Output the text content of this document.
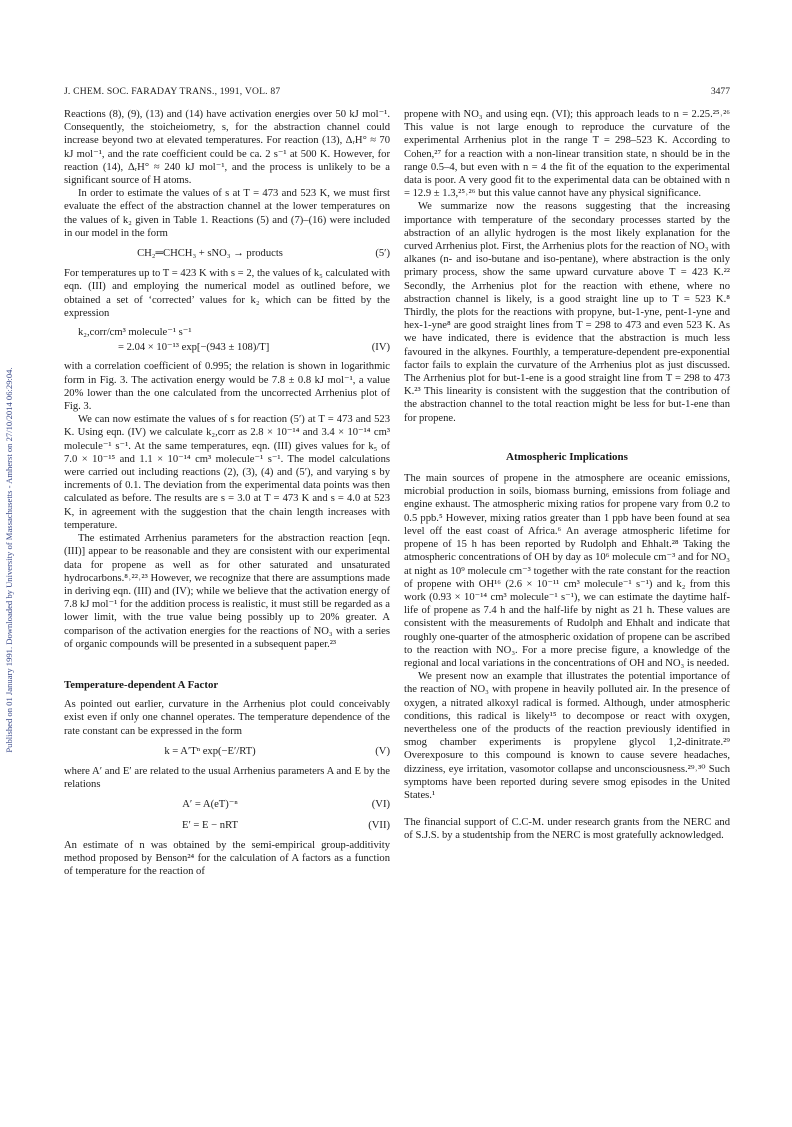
Published on 01 January 1991. Downloaded by University of Massachusetts - Amherst on 27/10/2014 06:29:04.
J. CHEM. SOC. FARADAY TRANS., 1991, VOL. 87	3477

Reactions (8), (9), (13) and (14) have activation energies over 50 kJ mol⁻¹. Consequently, the stoicheiometry, s, for the abstraction channel could increase beyond two at elevated temperatures. For reaction (13), ΔᵣH° ≈ 70 kJ mol⁻¹, and the rate coefficient could be ca. 2 s⁻¹ at 500 K. However, for reaction (14), ΔᵣH° ≈ 240 kJ mol⁻¹, and the process is unlikely to be a significant source of H atoms.

In order to estimate the values of s at T = 473 and 523 K, we must first evaluate the effect of the abstraction channel at the lower temperatures on the values of k₂ given in Table 1. Reactions (5) and (7)–(16) were included in our model in the form

CH₂═CHCH₃ + sNO₃ → products	(5′)

For temperatures up to T = 423 K with s = 2, the values of k₅ calculated with eqn. (III) and employing the numerical model as outlined before, we obtained a set of ‘corrected’ values for k₂ which can be fitted by the expression

k₂,corr/cm³ molecule⁻¹ s⁻¹
= 2.04 × 10⁻¹³ exp[−(943 ± 108)/T]	(IV)

with a correlation coefficient of 0.995; the relation is shown in logarithmic form in Fig. 3. The activation energy would be 7.8 ± 0.8 kJ mol⁻¹, a value 20% lower than the one calculated from the uncorrected Arrhenius plot of Fig. 3.

We can now estimate the values of s for reaction (5′) at T = 473 and 523 K. Using eqn. (IV) we calculate k₂,corr as 2.8 × 10⁻¹⁴ and 3.4 × 10⁻¹⁴ cm³ molecule⁻¹ s⁻¹. At the same temperatures, eqn. (III) gives values for k₅ of 7.0 × 10⁻¹⁵ and 1.1 × 10⁻¹⁴ cm³ molecule⁻¹ s⁻¹. The model calculations were carried out including reactions (2), (3), (4) and (5′), and varying s by increments of 0.1. The deviation from the experimental data points was then calculated as before. The results are s = 3.0 at T = 473 K and s = 4.0 at 523 K, in agreement with the suggestion that the chain length increases with temperature.

The estimated Arrhenius parameters for the abstraction reaction [eqn. (III)] appear to be reasonable and they are consistent with our experimental data for propene as well as for other saturated and unsaturated hydrocarbons.⁸˒²²˒²³ However, we recognize that there are assumptions made in deriving eqn. (III) and (IV); while we believe that the activation energy of 7.8 kJ mol⁻¹ for the addition process is realistic, it must still be regarded as a lower limit, with the true value being possibly up to 20% greater. A comparison of the activation energies for the reactions of NO₃ with a series of organic compounds will be presented in a subsequent paper.²³

Temperature-dependent A Factor

As pointed out earlier, curvature in the Arrhenius plot could conceivably exist even if only one channel operates. The temperature dependence of the rate constant can be expressed in the form

k = A′Tⁿ exp(−E′/RT)	(V)

where A′ and E′ are related to the usual Arrhenius parameters A and E by the relations

A′ = A(eT)⁻ⁿ	(VI)
E′ = E − nRT	(VII)

An estimate of n was obtained by the semi-empirical group-additivity method proposed by Benson²⁴ for the calculation of A factors as a function of temperature for the reaction of

propene with NO₃ and using eqn. (VI); this approach leads to n = 2.25.²⁵˒²⁶ This value is not large enough to reproduce the curvature of the experimental Arrhenius plot in the range T = 298–523 K. According to Cohen,²⁷ for a reaction with a non-linear transition state, n should be in the range 0.5–4, but even with n = 4 the fit of the equation to the experimental data is poor. A very good fit to the experimental data can be obtained with n = 12.9 ± 1.3,²⁵˒²⁶ but this value cannot have any physical significance.

We summarize now the reasons suggesting that the increasing importance with temperature of the secondary processes started by the abstraction of an allylic hydrogen is the most likely explanation for the curved Arrhenius plot. First, the Arrhenius plots for the reaction of NO₃ with alkanes (n- and iso-butane and iso-pentane), where abstraction is the only primary process, show the same upward curvature above T = 423 K.²² Secondly, the Arrhenius plot for the reaction with ethene, where no abstraction channel is likely, is a good straight line up to T = 523 K.⁸ Thirdly, the plots for the reactions with propyne, but-1-yne, pent-1-yne and hex-1-yne⁸ are good straight lines from T = 298 to 473 and even 523 K. As we have indicated, there is evidence that the abstraction is much less favoured in the alkynes. Fourthly, a temperature-dependent pre-exponential factor fails to explain the curvature of the Arrhenius plot as just discussed. The Arrhenius plot for but-1-ene is a good straight line from T = 298 to 473 K.²³ This linearity is consistent with the suggestion that the contribution of the abstraction channel to the total reaction might be less for but-1-ene than for propene.

Atmospheric Implications

The main sources of propene in the atmosphere are oceanic emissions, microbial production in soils, biomass burning, emissions from foliage and engine exhaust. The atmospheric mixing ratios for propene vary from 0.2 to 0.5 ppb.⁵ However, mixing ratios greater than 1 ppb have been found at sea level off the east coast of Africa.⁶ An average atmospheric lifetime for propene of 15 h has been reported by Rudolph and Ehhalt.²⁸ Taking the atmospheric concentrations of OH by day as 10⁶ molecule cm⁻³ and for NO₃ at night as 10⁹ molecule cm⁻³ together with the rate constant for the reaction of propene with OH¹⁶ (2.6 × 10⁻¹¹ cm³ molecule⁻¹ s⁻¹) and k₂ from this work (0.93 × 10⁻¹⁴ cm³ molecule⁻¹ s⁻¹), we can estimate the daytime half-life of propene as 7.4 h and the half-life by night as 21 h. These values are consistent with the measurements of Rudolph and Ehhalt and indicate that roughly one-quarter of the atmospheric oxidation of propene can be ascribed to the reaction with NO₃. For a more precise figure, a knowledge of the regional and local variations in the concentrations of OH and NO₃ is needed.

We present now an example that illustrates the potential importance of the reaction of NO₃ with propene in heavily polluted air. In the presence of oxygen, a nitrated alkoxyl radical is formed. Although, under atmospheric conditions, this radical is likely¹⁵ to decompose or react with oxygen, nevertheless one of the products of the reaction previously identified in smog chamber experiments is propylene glycol 1,2-dinitrate.²⁹ Overexposure to this compound is known to cause severe headaches, dizziness, eye irritation, vasomotor collapse and unconsciousness.²⁹˒³⁰ Such symptoms have been reported during severe smog episodes in the United States.¹

The financial support of C.C-M. under research grants from the NERC and of S.J.S. by a studentship from the NERC is most gratefully acknowledged.
